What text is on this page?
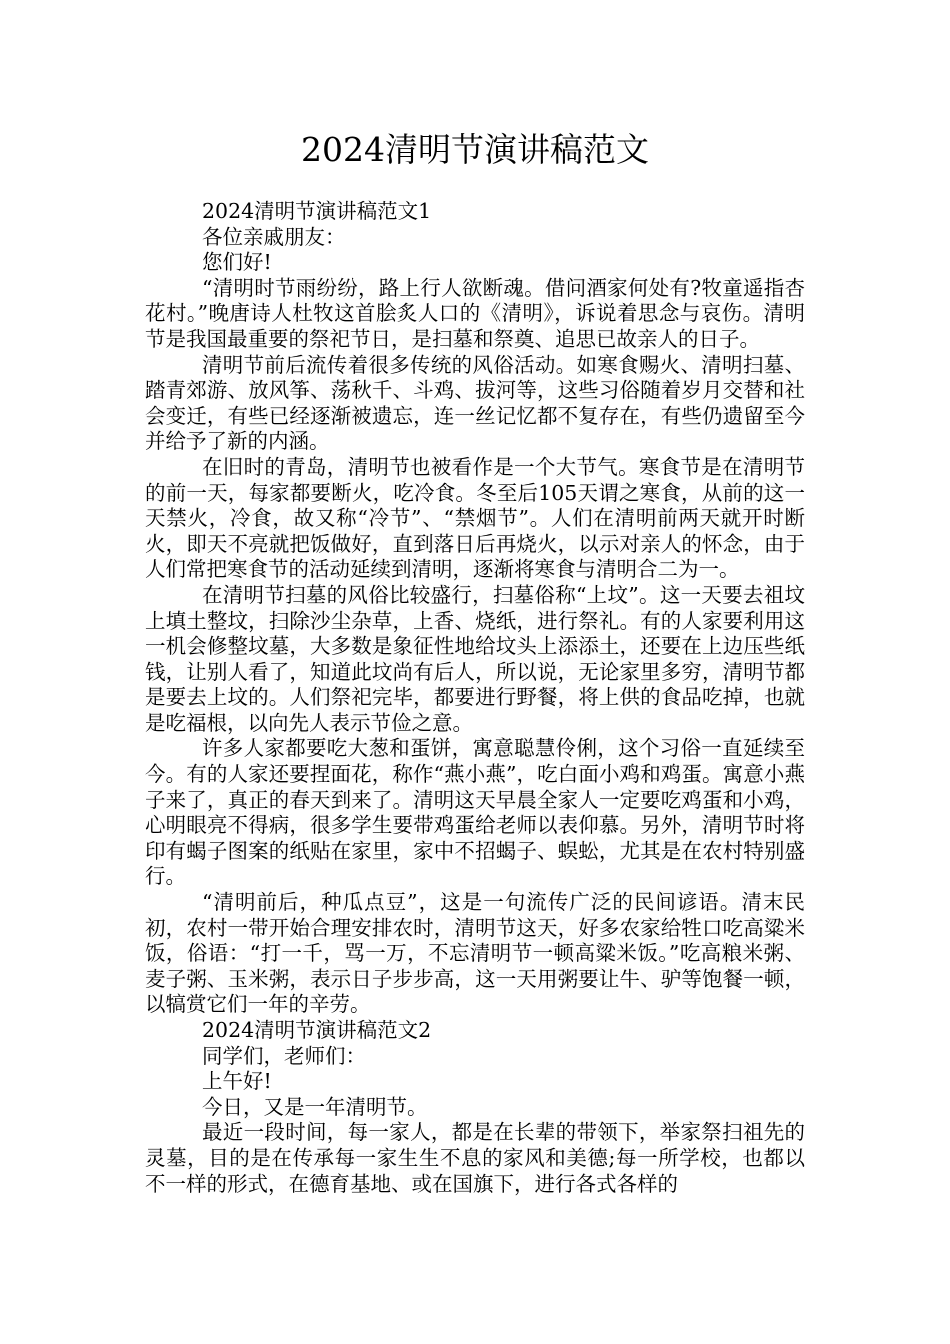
2024清明节演讲稿范文

2024清明节演讲稿范文1

各位亲戚朋友：

您们好!

“清明时节雨纷纷，路上行人欲断魂。借问酒家何处有?牧童遥指杏花村。”晚唐诗人杜牧这首脍炙人口的《清明》，诉说着思念与哀伤。清明节是我国最重要的祭祀节日，是扫墓和祭奠、追思已故亲人的日子。

清明节前后流传着很多传统的风俗活动。如寒食赐火、清明扫墓、踏青郊游、放风筝、荡秋千、斗鸡、拔河等，这些习俗随着岁月交替和社会变迁，有些已经逐渐被遗忘，连一丝记忆都不复存在，有些仍遗留至今并给予了新的内涵。

在旧时的青岛，清明节也被看作是一个大节气。寒食节是在清明节的前一天，每家都要断火，吃冷食。冬至后105天谓之寒食，从前的这一天禁火，冷食，故又称“冷节”、“禁烟节”。人们在清明前两天就开时断火，即天不亮就把饭做好，直到落日后再烧火，以示对亲人的怀念，由于人们常把寒食节的活动延续到清明，逐渐将寒食与清明合二为一。

在清明节扫墓的风俗比较盛行，扫墓俗称“上坟”。这一天要去祖坟上填土整坟，扫除沙尘杂草，上香、烧纸，进行祭礼。有的人家要利用这一机会修整坟墓，大多数是象征性地给坟头上添添土，还要在上边压些纸钱，让别人看了，知道此坟尚有后人，所以说，无论家里多穷，清明节都是要去上坟的。人们祭祀完毕，都要进行野餐，将上供的食品吃掉，也就是吃福根，以向先人表示节俭之意。

许多人家都要吃大葱和蛋饼，寓意聪慧伶俐，这个习俗一直延续至今。有的人家还要捏面花，称作“燕小燕”，吃白面小鸡和鸡蛋。寓意小燕子来了，真正的春天到来了。清明这天早晨全家人一定要吃鸡蛋和小鸡，心明眼亮不得病，很多学生要带鸡蛋给老师以表仰慕。另外，清明节时将印有蝎子图案的纸贴在家里，家中不招蝎子、蜈蚣，尤其是在农村特别盛行。

“清明前后，种瓜点豆”，这是一句流传广泛的民间谚语。清末民初，农村一带开始合理安排农时，清明节这天，好多农家给牲口吃高粱米饭，俗语：“打一千，骂一万，不忘清明节一顿高粱米饭。”吃高粮米粥、麦子粥、玉米粥，表示日子步步高，这一天用粥要让牛、驴等饱餐一顿，以犒赏它们一年的辛劳。

2024清明节演讲稿范文2

同学们，老师们：

上午好!

今日，又是一年清明节。

最近一段时间，每一家人，都是在长辈的带领下，举家祭扫祖先的灵墓，目的是在传承每一家生生不息的家风和美德;每一所学校，也都以不一样的形式，在德育基地、或在国旗下，进行各式各样的
